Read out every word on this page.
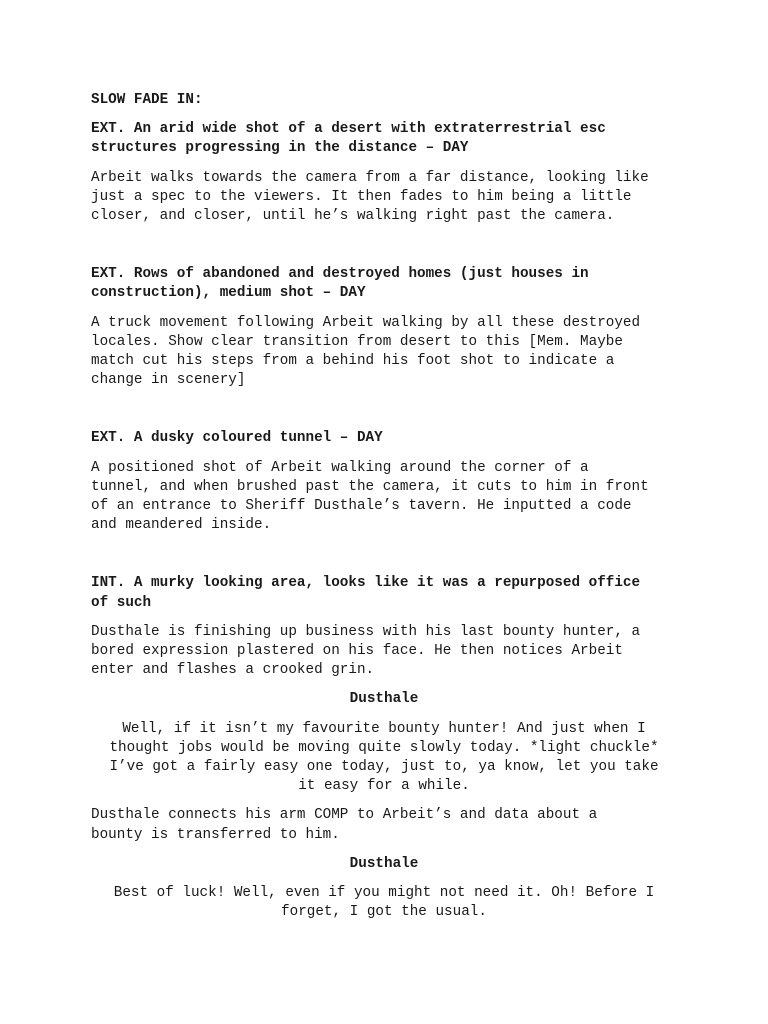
SLOW FADE IN:
EXT. An arid wide shot of a desert with extraterrestrial esc
structures progressing in the distance – DAY
Arbeit walks towards the camera from a far distance, looking like
just a spec to the viewers. It then fades to him being a little
closer, and closer, until he’s walking right past the camera.
EXT. Rows of abandoned and destroyed homes (just houses in
construction), medium shot – DAY
A truck movement following Arbeit walking by all these destroyed
locales. Show clear transition from desert to this [Mem. Maybe
match cut his steps from a behind his foot shot to indicate a
change in scenery]
EXT. A dusky coloured tunnel – DAY
A positioned shot of Arbeit walking around the corner of a
tunnel, and when brushed past the camera, it cuts to him in front
of an entrance to Sheriff Dusthale’s tavern. He inputted a code
and meandered inside.
INT. A murky looking area, looks like it was a repurposed office
of such
Dusthale is finishing up business with his last bounty hunter, a
bored expression plastered on his face. He then notices Arbeit
enter and flashes a crooked grin.
Dusthale
Well, if it isn’t my favourite bounty hunter! And just when I
thought jobs would be moving quite slowly today. *light chuckle*
I’ve got a fairly easy one today, just to, ya know, let you take
it easy for a while.
Dusthale connects his arm COMP to Arbeit’s and data about a
bounty is transferred to him.
Dusthale
Best of luck! Well, even if you might not need it. Oh! Before I
forget, I got the usual.
